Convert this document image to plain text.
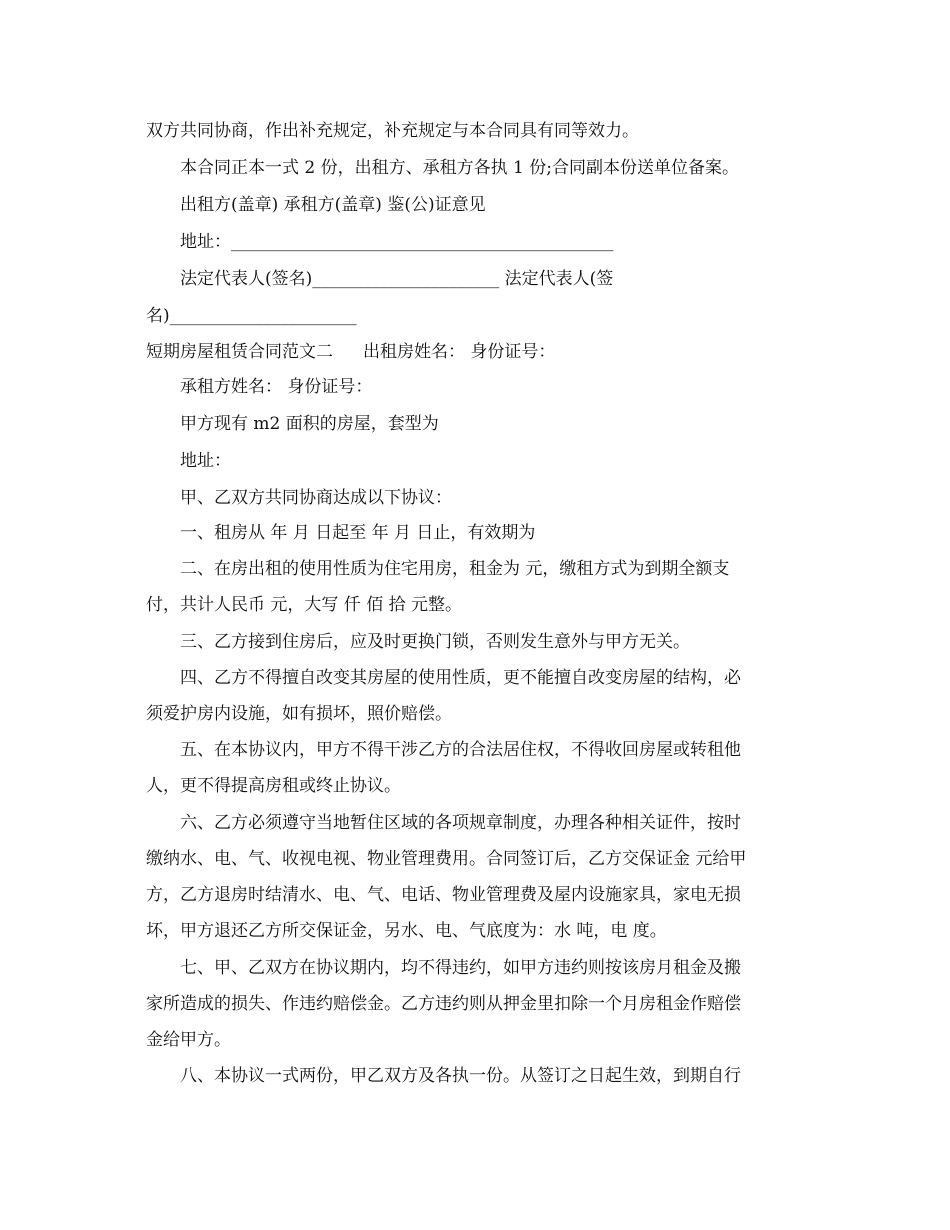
双方共同协商，作出补充规定，补充规定与本合同具有同等效力。
本合同正本一式 2 份，出租方、承租方各执 1 份;合同副本份送单位备案。
出租方(盖章) 承租方(盖章) 鉴(公)证意见
地址：_____________________________________________
法定代表人(签名)______________________ 法定代表人(签
名)______________________
短期房屋租赁合同范文二 出租房姓名： 身份证号：
承租方姓名： 身份证号：
甲方现有 m2 面积的房屋，套型为
地址：
甲、乙双方共同协商达成以下协议：
一、租房从 年 月 日起至 年 月 日止，有效期为
二、在房出租的使用性质为住宅用房，租金为 元，缴租方式为到期全额支
付，共计人民币 元，大写 仟 佰 拾 元整。
三、乙方接到住房后，应及时更换门锁，否则发生意外与甲方无关。
四、乙方不得擅自改变其房屋的使用性质，更不能擅自改变房屋的结构，必
须爱护房内设施，如有损坏，照价赔偿。
五、在本协议内，甲方不得干涉乙方的合法居住权，不得收回房屋或转租他
人，更不得提高房租或终止协议。
六、乙方必须遵守当地暂住区域的各项规章制度，办理各种相关证件，按时
缴纳水、电、气、收视电视、物业管理费用。合同签订后，乙方交保证金 元给甲
方，乙方退房时结清水、电、气、电话、物业管理费及屋内设施家具，家电无损
坏，甲方退还乙方所交保证金，另水、电、气底度为：水 吨，电 度。
七、甲、乙双方在协议期内，均不得违约，如甲方违约则按该房月租金及搬
家所造成的损失、作违约赔偿金。乙方违约则从押金里扣除一个月房租金作赔偿
金给甲方。
八、本协议一式两份，甲乙双方及各执一份。从签订之日起生效，到期自行
